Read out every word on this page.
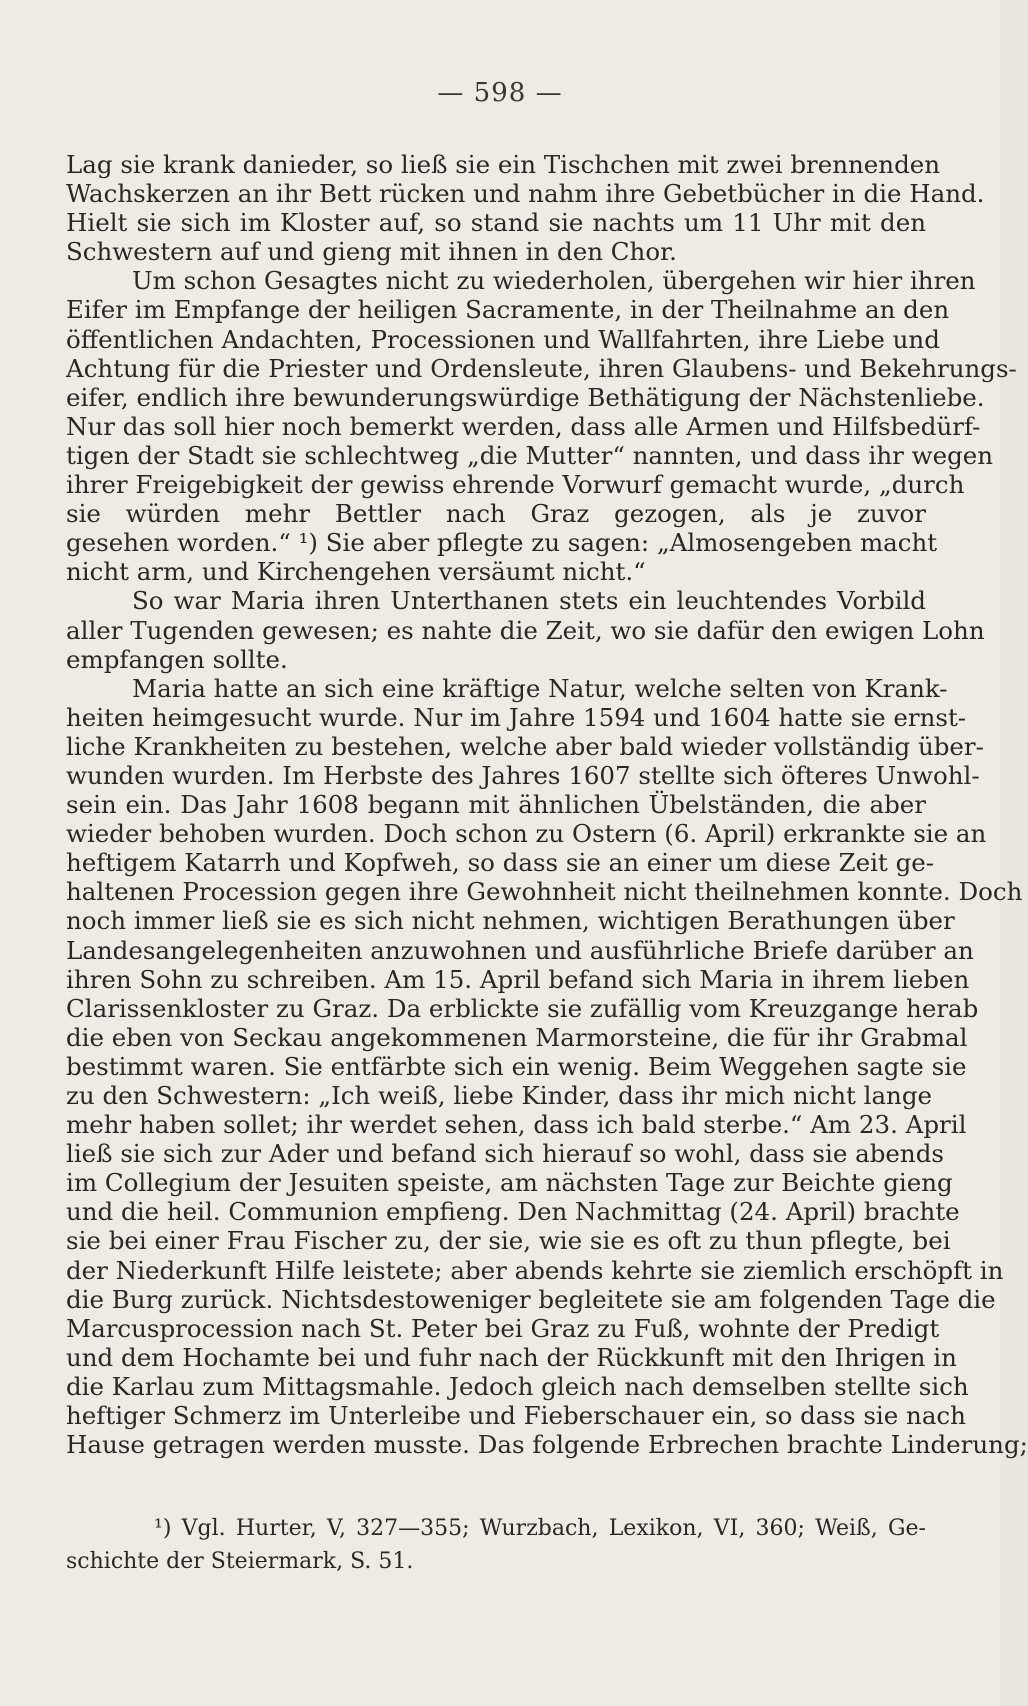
— 598 —
Lag sie krank danieder, so ließ sie ein Tischchen mit zwei brennenden
Wachskerzen an ihr Bett rücken und nahm ihre Gebetbücher in die Hand.
Hielt sie sich im Kloster auf, so stand sie nachts um 11 Uhr mit den
Schwestern auf und gieng mit ihnen in den Chor.
Um schon Gesagtes nicht zu wiederholen, übergehen wir hier ihren
Eifer im Empfange der heiligen Sacramente, in der Theilnahme an den
öffentlichen Andachten, Processionen und Wallfahrten, ihre Liebe und
Achtung für die Priester und Ordensleute, ihren Glaubens- und Bekehrungs-
eifer, endlich ihre bewunderungswürdige Bethätigung der Nächstenliebe.
Nur das soll hier noch bemerkt werden, dass alle Armen und Hilfsbedürf-
tigen der Stadt sie schlechtweg „die Mutter“ nannten, und dass ihr wegen
ihrer Freigebigkeit der gewiss ehrende Vorwurf gemacht wurde, „durch
sie würden mehr Bettler nach Graz gezogen, als je zuvor
gesehen worden.“ ¹) Sie aber pflegte zu sagen: „Almosengeben macht
nicht arm, und Kirchengehen versäumt nicht.“
So war Maria ihren Unterthanen stets ein leuchtendes Vorbild
aller Tugenden gewesen; es nahte die Zeit, wo sie dafür den ewigen Lohn
empfangen sollte.
Maria hatte an sich eine kräftige Natur, welche selten von Krank-
heiten heimgesucht wurde. Nur im Jahre 1594 und 1604 hatte sie ernst-
liche Krankheiten zu bestehen, welche aber bald wieder vollständig über-
wunden wurden. Im Herbste des Jahres 1607 stellte sich öfteres Unwohl-
sein ein. Das Jahr 1608 begann mit ähnlichen Übelständen, die aber
wieder behoben wurden. Doch schon zu Ostern (6. April) erkrankte sie an
heftigem Katarrh und Kopfweh, so dass sie an einer um diese Zeit ge-
haltenen Procession gegen ihre Gewohnheit nicht theilnehmen konnte. Doch
noch immer ließ sie es sich nicht nehmen, wichtigen Berathungen über
Landesangelegenheiten anzuwohnen und ausführliche Briefe darüber an
ihren Sohn zu schreiben. Am 15. April befand sich Maria in ihrem lieben
Clarissenkloster zu Graz. Da erblickte sie zufällig vom Kreuzgange herab
die eben von Seckau angekommenen Marmorsteine, die für ihr Grabmal
bestimmt waren. Sie entfärbte sich ein wenig. Beim Weggehen sagte sie
zu den Schwestern: „Ich weiß, liebe Kinder, dass ihr mich nicht lange
mehr haben sollet; ihr werdet sehen, dass ich bald sterbe.“ Am 23. April
ließ sie sich zur Ader und befand sich hierauf so wohl, dass sie abends
im Collegium der Jesuiten speiste, am nächsten Tage zur Beichte gieng
und die heil. Communion empfieng. Den Nachmittag (24. April) brachte
sie bei einer Frau Fischer zu, der sie, wie sie es oft zu thun pflegte, bei
der Niederkunft Hilfe leistete; aber abends kehrte sie ziemlich erschöpft in
die Burg zurück. Nichtsdestoweniger begleitete sie am folgenden Tage die
Marcusprocession nach St. Peter bei Graz zu Fuß, wohnte der Predigt
und dem Hochamte bei und fuhr nach der Rückkunft mit den Ihrigen in
die Karlau zum Mittagsmahle. Jedoch gleich nach demselben stellte sich
heftiger Schmerz im Unterleibe und Fieberschauer ein, so dass sie nach
Hause getragen werden musste. Das folgende Erbrechen brachte Linderung;
¹) Vgl. Hurter, V, 327—355; Wurzbach, Lexikon, VI, 360; Weiß, Ge-
schichte der Steiermark, S. 51.
